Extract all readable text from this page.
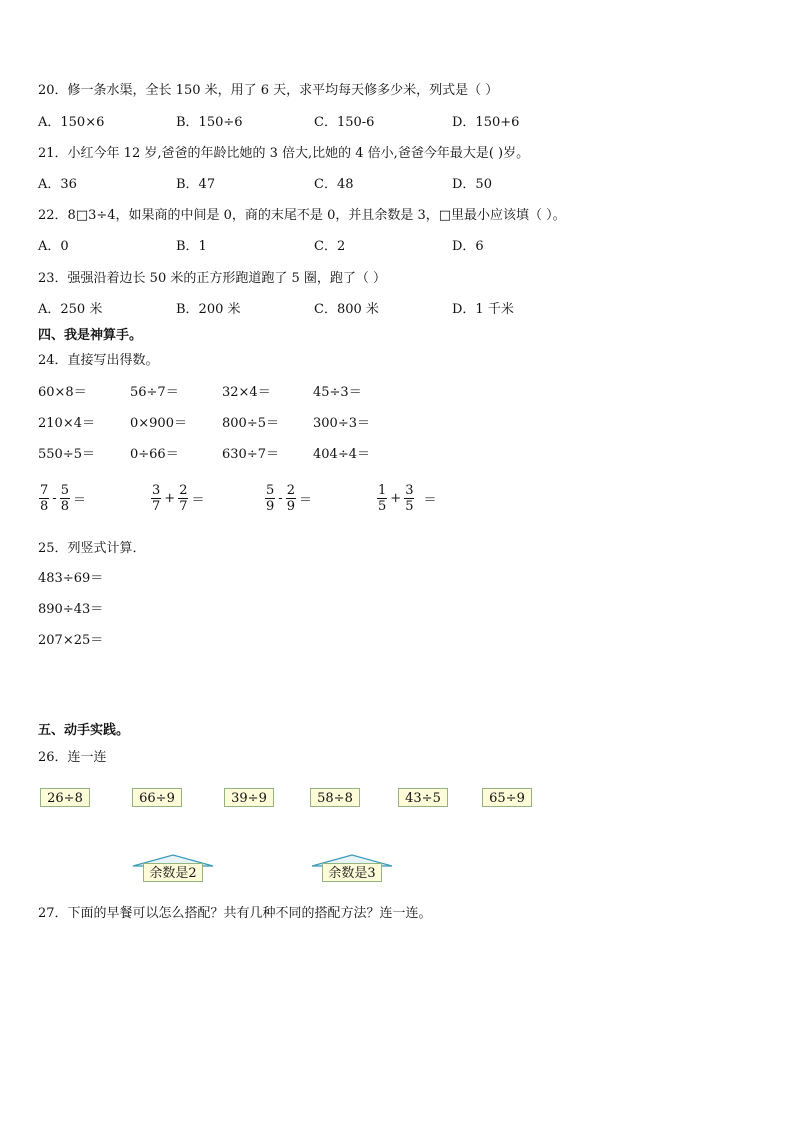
20．修一条水渠，全长 150 米，用了 6 天，求平均每天修多少米，列式是（ ）
A．150×6	B．150÷6	C．150-6	D．150+6
21．小红今年 12 岁,爸爸的年龄比她的 3 倍大,比她的 4 倍小,爸爸今年最大是( )岁。
A．36	B．47	C．48	D．50
22．8□3÷4，如果商的中间是 0，商的末尾不是 0，并且余数是 3，□里最小应该填（ ）。
A．0	B．1	C．2	D．6
23．强强沿着边长 50 米的正方形跑道跑了 5 圈，跑了（ ）
A．250 米	B．200 米	C．800 米	D．1 千米
四、我是神算手。
24．直接写出得数。
60×8＝	56÷7＝	32×4＝	45÷3＝
210×4＝	0×900＝	800÷5＝	300÷3＝
550÷5＝	0÷66＝	630÷7＝	404÷4＝
$\frac{7}{8} - \frac{5}{8}$ ＝	$\frac{3}{7} + \frac{2}{7}$ ＝	$\frac{5}{9} - \frac{2}{9}$ ＝	$\frac{1}{5} + \frac{3}{5}$ ＝
25．列竖式计算．
483÷69＝
890÷43＝
207×25＝
五、动手实践。
26．连一连
26÷8	66÷9	39÷9	58÷8	43÷5	65÷9
余数是2	余数是3
27．下面的早餐可以怎么搭配？共有几种不同的搭配方法？连一连。
